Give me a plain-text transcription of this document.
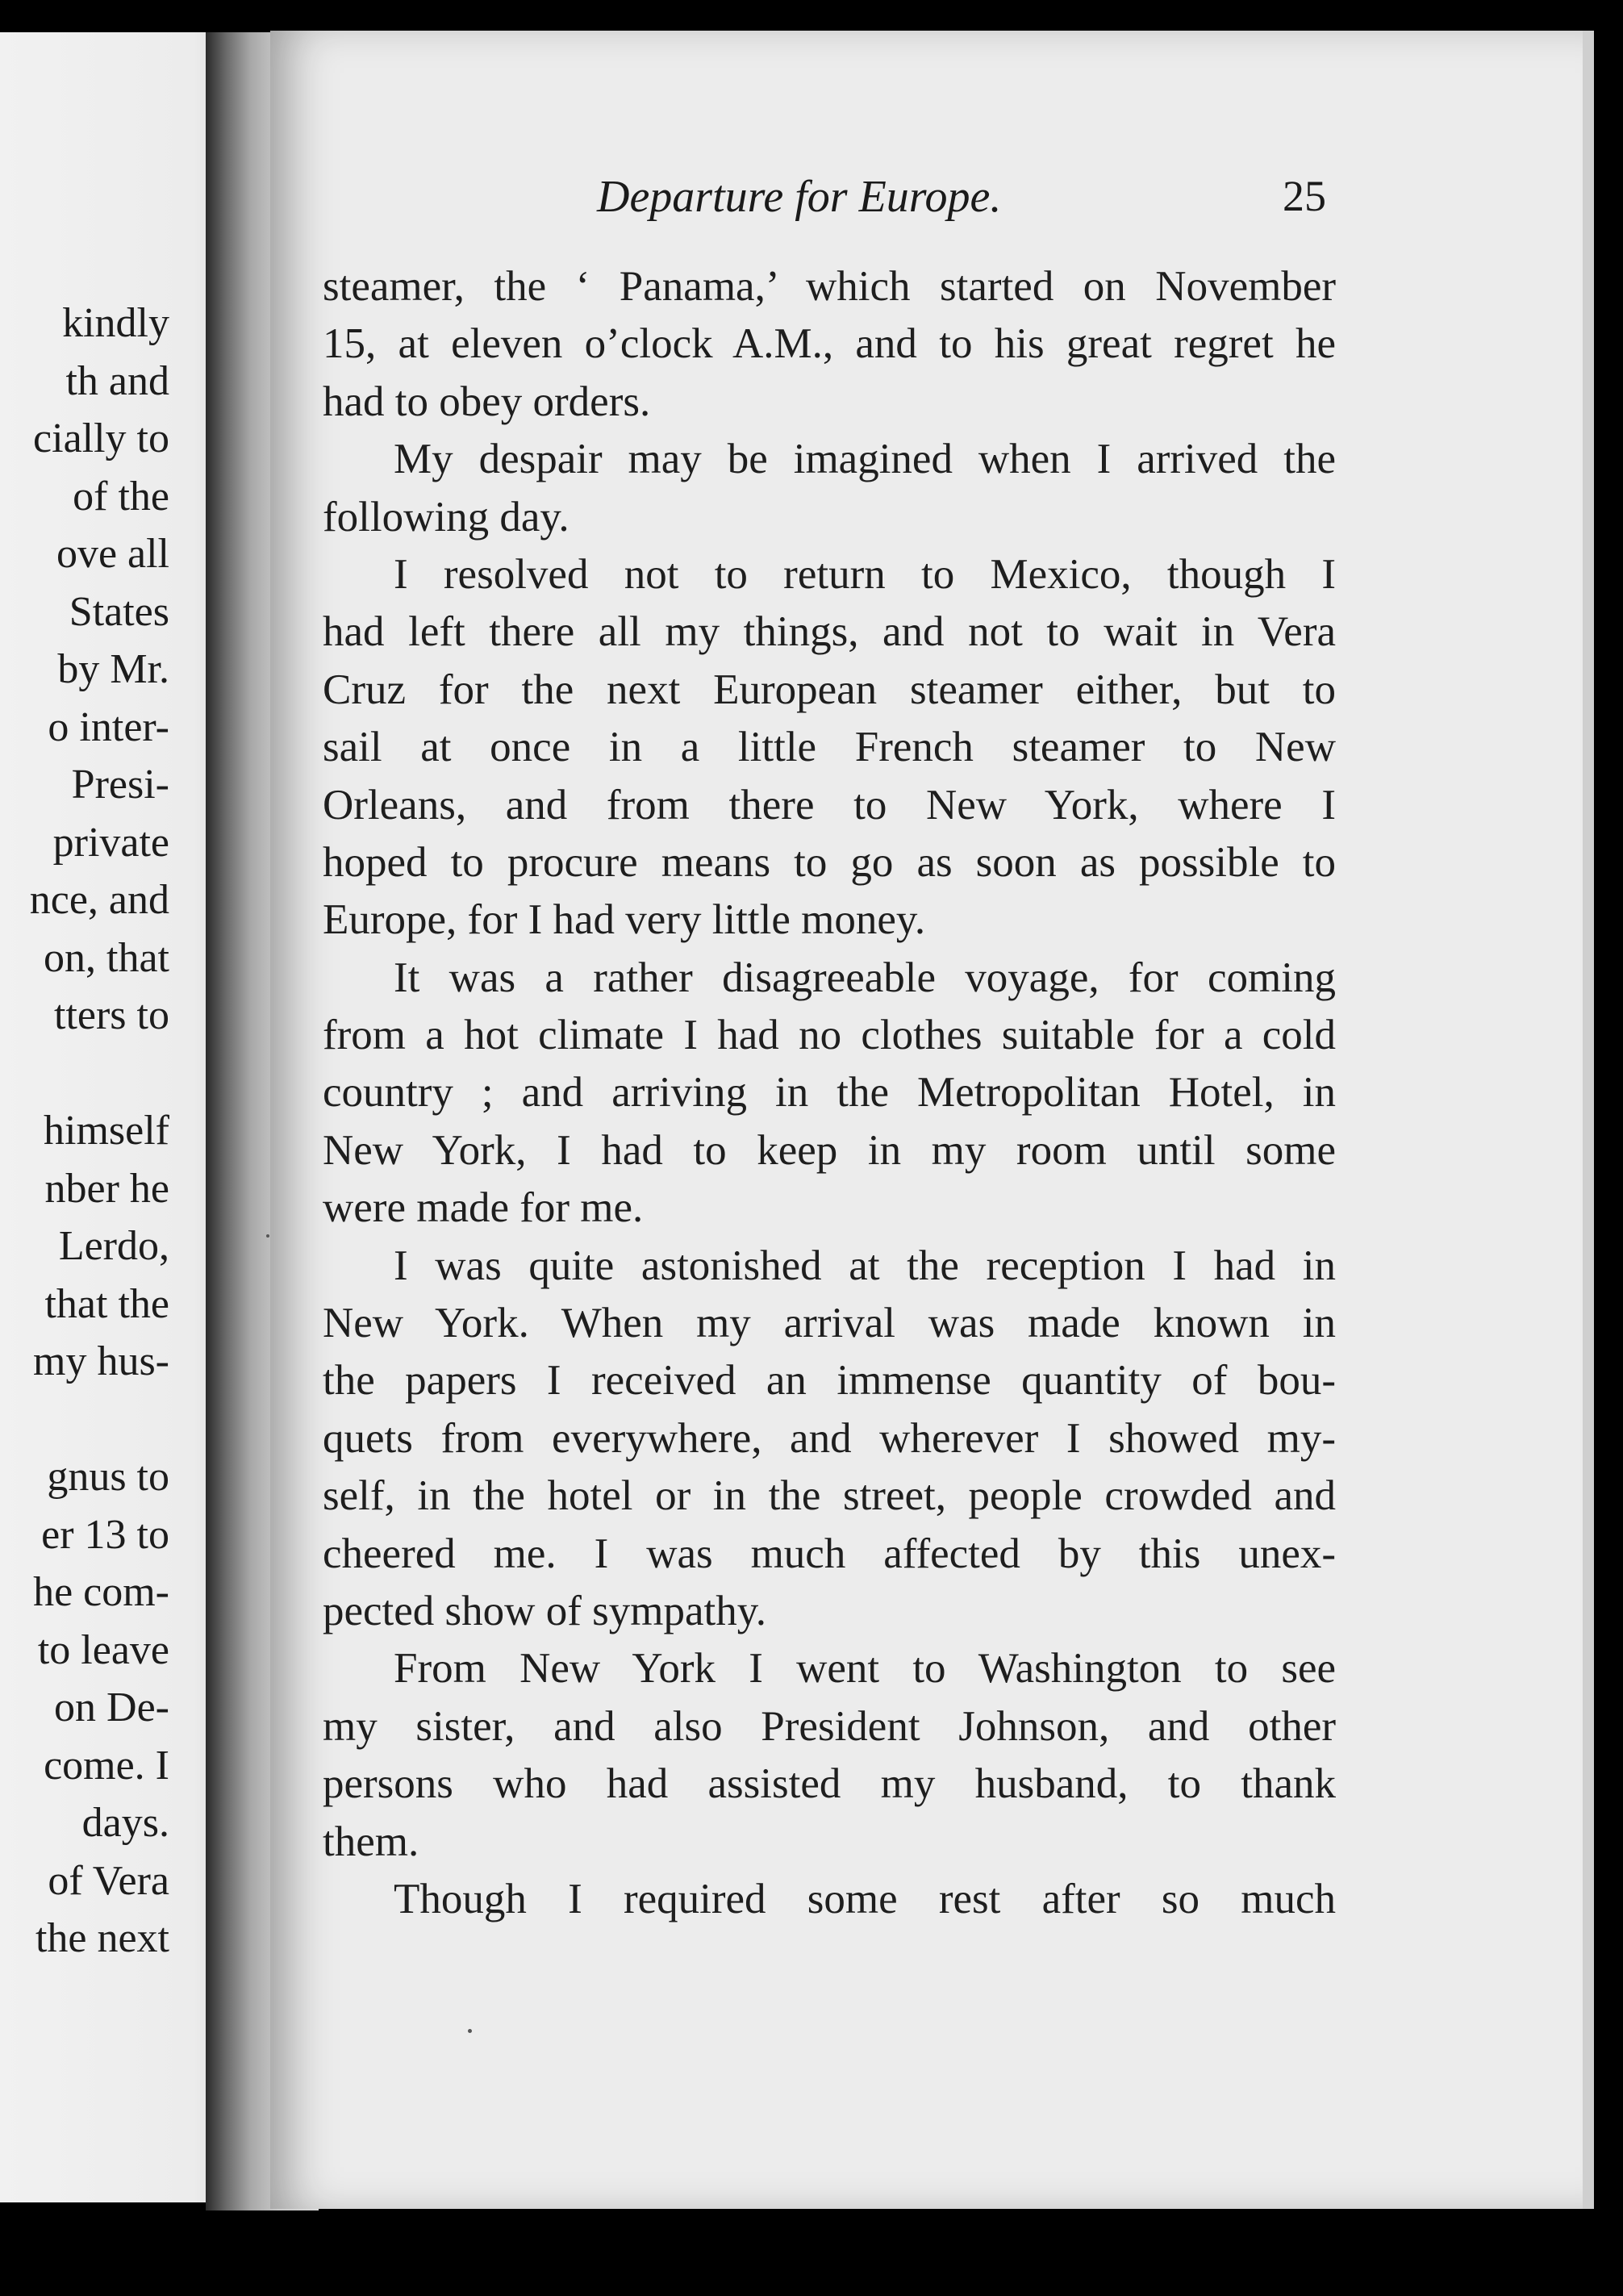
kindly
th and
cially to
of the
ove all
States
by Mr.
o inter-
Presi-
private
nce, and
on, that
tters to
himself
nber he
Lerdo,
that the
my hus-
gnus to
er 13 to
he com-
to leave
on De-
come. I
days.
of Vera
the next
Departure for Europe.	25
steamer, the ‘ Panama,’ which started on November
15, at eleven o’clock A.M., and to his great regret he
had to obey orders.
My despair may be imagined when I arrived the
following day.
I resolved not to return to Mexico, though I
had left there all my things, and not to wait in Vera
Cruz for the next European steamer either, but to
sail at once in a little French steamer to New
Orleans, and from there to New York, where I
hoped to procure means to go as soon as possible to
Europe, for I had very little money.
It was a rather disagreeable voyage, for coming
from a hot climate I had no clothes suitable for a cold
country ; and arriving in the Metropolitan Hotel, in
New York, I had to keep in my room until some
were made for me.
I was quite astonished at the reception I had in
New York. When my arrival was made known in
the papers I received an immense quantity of bou-
quets from everywhere, and wherever I showed my-
self, in the hotel or in the street, people crowded and
cheered me. I was much affected by this unex-
pected show of sympathy.
From New York I went to Washington to see
my sister, and also President Johnson, and other
persons who had assisted my husband, to thank
them.
Though I required some rest after so much
